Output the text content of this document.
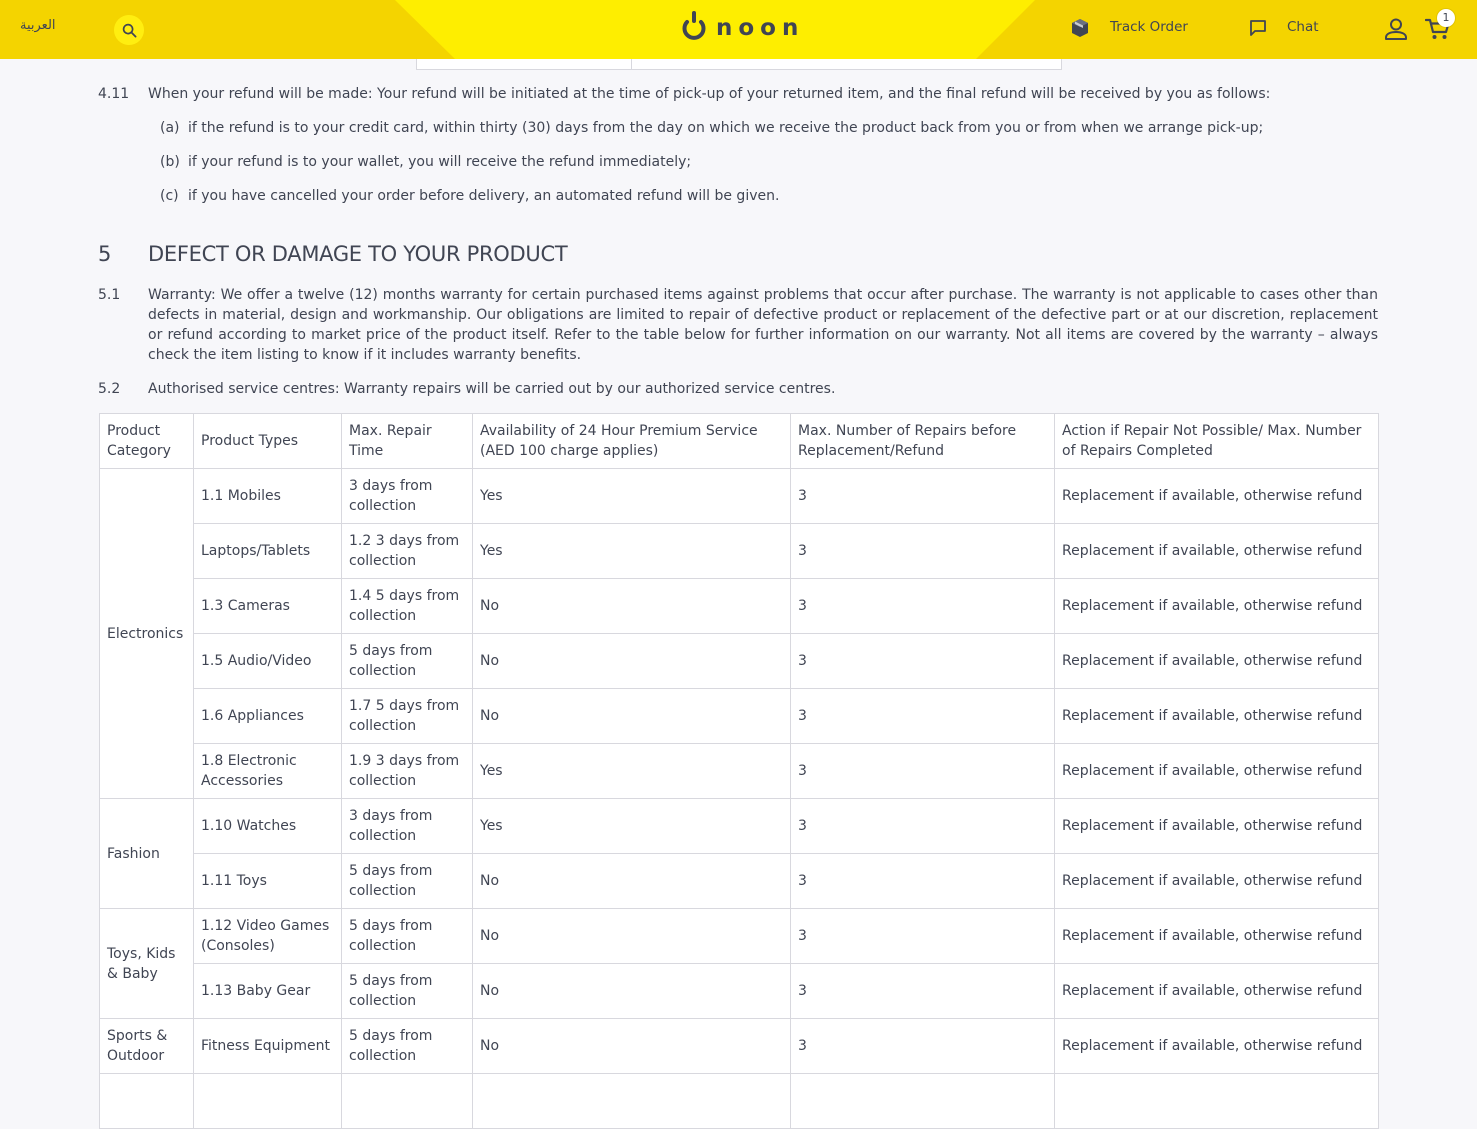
4.11 When your refund will be made: Your refund will be initiated at the time of pick-up of your returned item, and the final refund will be received by you as follows:
(a) if the refund is to your credit card, within thirty (30) days from the day on which we receive the product back from you or from when we arrange pick-up;
(b) if your refund is to your wallet, you will receive the refund immediately;
(c) if you have cancelled your order before delivery, an automated refund will be given.
5 DEFECT OR DAMAGE TO YOUR PRODUCT
5.1 Warranty: We offer a twelve (12) months warranty for certain purchased items against problems that occur after purchase. The warranty is not applicable to cases other than defects in material, design and workmanship. Our obligations are limited to repair of defective product or replacement of the defective part or at our discretion, replacement or refund according to market price of the product itself. Refer to the table below for further information on our warranty. Not all items are covered by the warranty – always check the item listing to know if it includes warranty benefits.
5.2 Authorised service centres: Warranty repairs will be carried out by our authorized service centres.
Product Category	Product Types	Max. Repair Time	Availability of 24 Hour Premium Service (AED 100 charge applies)	Max. Number of Repairs before Replacement/Refund	Action if Repair Not Possible/ Max. Number of Repairs Completed
Electronics	1.1 Mobiles	3 days from collection	Yes	3	Replacement if available, otherwise refund
	Laptops/Tablets	1.2 3 days from collection	Yes	3	Replacement if available, otherwise refund
	1.3 Cameras	1.4 5 days from collection	No	3	Replacement if available, otherwise refund
	1.5 Audio/Video	5 days from collection	No	3	Replacement if available, otherwise refund
	1.6 Appliances	1.7 5 days from collection	No	3	Replacement if available, otherwise refund
	1.8 Electronic Accessories	1.9 3 days from collection	Yes	3	Replacement if available, otherwise refund
Fashion	1.10 Watches	3 days from collection	Yes	3	Replacement if available, otherwise refund
	1.11 Toys	5 days from collection	No	3	Replacement if available, otherwise refund
Toys, Kids & Baby	1.12 Video Games (Consoles)	5 days from collection	No	3	Replacement if available, otherwise refund
	1.13 Baby Gear	5 days from collection	No	3	Replacement if available, otherwise refund
Sports & Outdoor	Fitness Equipment	5 days from collection	No	3	Replacement if available, otherwise refund

العربية	noon	Track Order	Chat
1
